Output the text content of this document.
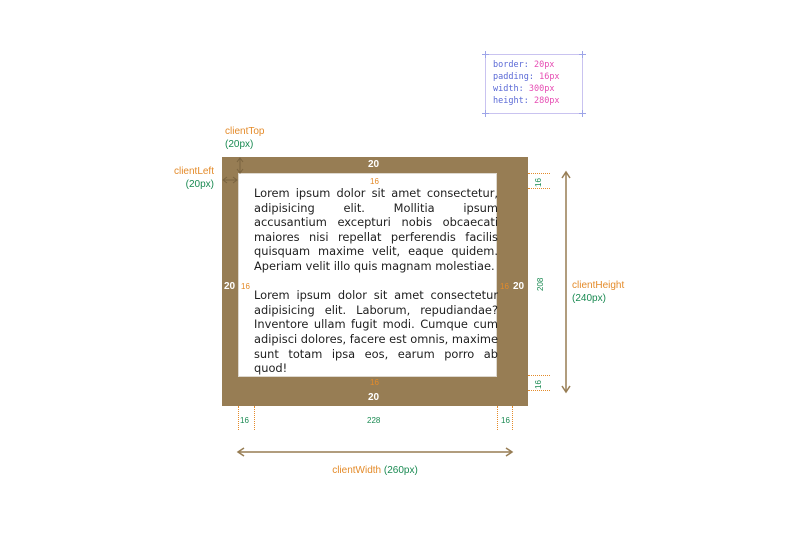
border: 20px
padding: 16px
width: 300px
height: 280px
clientTop
(20px)
clientLeft
(20px)
clientHeight
(240px)
clientWidth (260px)

Lorem ipsum dolor sit amet consectetur, adipisicing elit. Mollitia ipsum accusantium excepturi nobis obcaecati maiores nisi repellat perferendis facilis quisquam maxime velit, eaque quidem. Aperiam velit illo quis magnam molestiae.

Lorem ipsum dolor sit amet consectetur adipisicing elit. Laborum, repudiandae? Inventore ullam fugit modi. Cumque cum adipisci dolores, facere est omnis, maxime sunt totam ipsa eos, earum porro ab quod!

20
20
20	20
16
16
16	16
16
16
208
16	228	16
